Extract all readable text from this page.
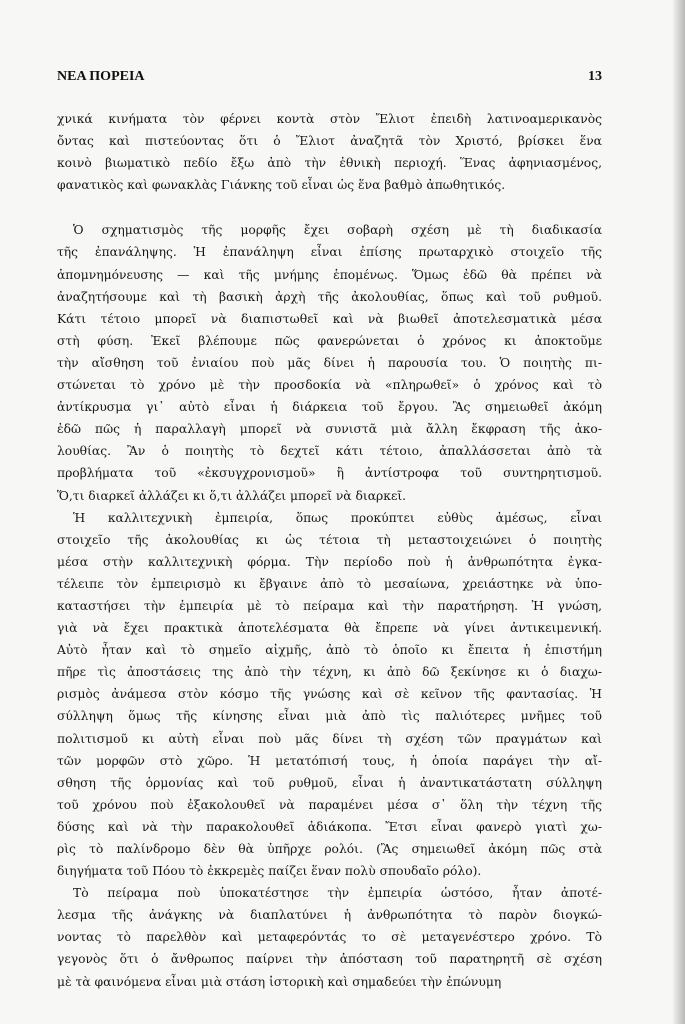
ΝΕΑ ΠΟΡΕΙΑ	13
χνικά κινήματα τὸν φέρνει κοντὰ στὸν Ἔλιοτ ἐπειδὴ λατινοαμερικανὸς
ὄντας καὶ πιστεύοντας ὅτι ὁ Ἔλιοτ ἀναζητᾶ τὸν Χριστό, βρίσκει ἕνα
κοινὸ βιωματικὸ πεδίο ἔξω ἀπὸ τὴν ἐθνικὴ περιοχή. Ἕνας ἀφηνιασμένος,
φανατικὸς καὶ φωνακλὰς Γιάνκης τοῦ εἶναι ὡς ἕνα βαθμὸ ἀπωθητικός.
Ὁ σχηματισμὸς τῆς μορφῆς ἔχει σοβαρὴ σχέση μὲ τὴ διαδικασία
τῆς ἐπανάληψης. Ἡ ἐπανάληψη εἶναι ἐπίσης πρωταρχικὸ στοιχεῖο τῆς
ἀπομνημόνευσης — καὶ τῆς μνήμης ἑπομένως. Ὅμως ἐδῶ θὰ πρέπει νὰ
ἀναζητήσουμε καὶ τὴ βασικὴ ἀρχὴ τῆς ἀκολουθίας, ὅπως καὶ τοῦ ρυθμοῦ.
Κάτι τέτοιο μπορεῖ νὰ διαπιστωθεῖ καὶ νὰ βιωθεῖ ἀποτελεσματικὰ μέσα
στὴ φύση. Ἐκεῖ βλέπουμε πῶς φανερώνεται ὁ χρόνος κι ἀποκτοῦμε
τὴν αἴσθηση τοῦ ἐνιαίου ποὺ μᾶς δίνει ἡ παρουσία του. Ὁ ποιητὴς πι-
στώνεται τὸ χρόνο μὲ τὴν προσδοκία νὰ «πληρωθεῖ» ὁ χρόνος καὶ τὸ
ἀντίκρυσμα γι᾽ αὐτὸ εἶναι ἡ διάρκεια τοῦ ἔργου. Ἂς σημειωθεῖ ἀκόμη
ἐδῶ πῶς ἡ παραλλαγὴ μπορεῖ νὰ συνιστᾶ μιὰ ἄλλη ἔκφραση τῆς ἀκο-
λουθίας. Ἂν ὁ ποιητὴς τὸ δεχτεῖ κάτι τέτοιο, ἀπαλλάσσεται ἀπὸ τὰ
προβλήματα τοῦ «ἐκσυγχρονισμοῦ» ἢ ἀντίστροφα τοῦ συντηρητισμοῦ.
Ὅ,τι διαρκεῖ ἀλλάζει κι ὅ,τι ἀλλάζει μπορεῖ νὰ διαρκεῖ.
Ἡ καλλιτεχνικὴ ἐμπειρία, ὅπως προκύπτει εὐθὺς ἀμέσως, εἶναι
στοιχεῖο τῆς ἀκολουθίας κι ὡς τέτοια τὴ μεταστοιχειώνει ὁ ποιητὴς
μέσα στὴν καλλιτεχνικὴ φόρμα. Τὴν περίοδο ποὺ ἡ ἀνθρωπότητα ἐγκα-
τέλειπε τὸν ἐμπειρισμὸ κι ἔβγαινε ἀπὸ τὸ μεσαίωνα, χρειάστηκε νὰ ὑπο-
καταστήσει τὴν ἐμπειρία μὲ τὸ πείραμα καὶ τὴν παρατήρηση. Ἡ γνώση,
γιὰ νὰ ἔχει πρακτικὰ ἀποτελέσματα θὰ ἔπρεπε νὰ γίνει ἀντικειμενική.
Αὐτὸ ἦταν καὶ τὸ σημεῖο αἰχμῆς, ἀπὸ τὸ ὁποῖο κι ἔπειτα ἡ ἐπιστήμη
πῆρε τὶς ἀποστάσεις της ἀπὸ τὴν τέχνη, κι ἀπὸ δῶ ξεκίνησε κι ὁ διαχω-
ρισμὸς ἀνάμεσα στὸν κόσμο τῆς γνώσης καὶ σὲ κεῖνον τῆς φαντασίας. Ἡ
σύλληψη ὅμως τῆς κίνησης εἶναι μιὰ ἀπὸ τὶς παλιότερες μνῆμες τοῦ
πολιτισμοῦ κι αὐτὴ εἶναι ποὺ μᾶς δίνει τὴ σχέση τῶν πραγμάτων καὶ
τῶν μορφῶν στὸ χῶρο. Ἡ μετατόπισή τους, ἡ ὁποία παράγει τὴν αἴ-
σθηση τῆς ὁρμονίας καὶ τοῦ ρυθμοῦ, εἶναι ἡ ἀναντικατάστατη σύλληψη
τοῦ χρόνου ποὺ ἐξακολουθεῖ νὰ παραμένει μέσα σ᾽ ὅλη τὴν τέχνη τῆς
δύσης καὶ νὰ τὴν παρακολουθεῖ ἀδιάκοπα. Ἔτσι εἶναι φανερὸ γιατὶ χω-
ρὶς τὸ παλίνδρομο δὲν θὰ ὑπῆρχε ρολόι. (Ἂς σημειωθεῖ ἀκόμη πῶς στὰ
διηγήματα τοῦ Πόου τὸ ἐκκρεμὲς παίζει ἕναν πολὺ σπουδαῖο ρόλο).
Τὸ πείραμα ποὺ ὑποκατέστησε τὴν ἐμπειρία ὡστόσο, ἦταν ἀποτέ-
λεσμα τῆς ἀνάγκης νὰ διαπλατύνει ἡ ἀνθρωπότητα τὸ παρὸν διογκώ-
νοντας τὸ παρελθὸν καὶ μεταφερόντάς το σὲ μεταγενέστερο χρόνο. Τὸ
γεγονὸς ὅτι ὁ ἄνθρωπος παίρνει τὴν ἀπόσταση τοῦ παρατηρητῆ σὲ σχέση
μὲ τὰ φαινόμενα εἶναι μιὰ στάση ἱστορικὴ καὶ σημαδεύει τὴν ἐπώνυμη
